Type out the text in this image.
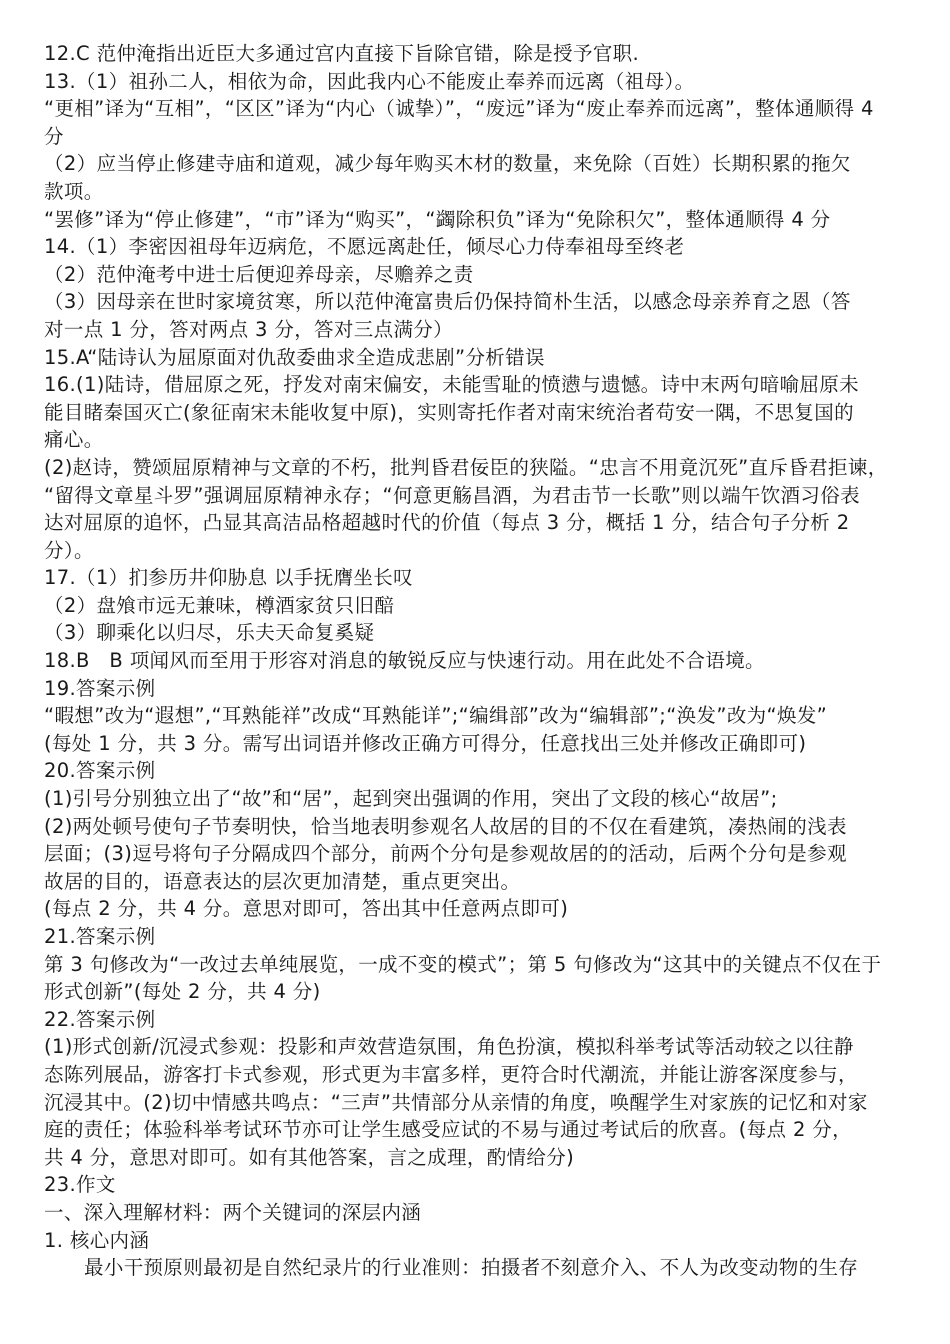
12.C 范仲淹指出近臣大多通过宫内直接下旨除官错，除是授予官职.
13.（1）祖孙二人，相依为命，因此我内心不能废止奉养而远离（祖母）。
“更相”译为“互相”，“区区”译为“内心（诚挚）”，“废远”译为“废止奉养而远离”，整体通顺得 4
分
（2）应当停止修建寺庙和道观，减少每年购买木材的数量，来免除（百姓）长期积累的拖欠
款项。
“罢修”译为“停止修建”，“市”译为“购买”，“蠲除积负”译为“免除积欠”，整体通顺得 4 分
14.（1）李密因祖母年迈病危，不愿远离赴任，倾尽心力侍奉祖母至终老
（2）范仲淹考中进士后便迎养母亲，尽赡养之责
（3）因母亲在世时家境贫寒，所以范仲淹富贵后仍保持简朴生活，以感念母亲养育之恩（答
对一点 1 分，答对两点 3 分，答对三点满分）
15.A“陆诗认为屈原面对仇敌委曲求全造成悲剧”分析错误
16.(1)陆诗，借屈原之死，抒发对南宋偏安，未能雪耻的愤懑与遗憾。诗中末两句暗喻屈原未
能目睹秦国灭亡(象征南宋未能收复中原)，实则寄托作者对南宋统治者苟安一隅，不思复国的
痛心。
(2)赵诗，赞颂屈原精神与文章的不朽，批判昏君佞臣的狭隘。“忠言不用竟沉死”直斥昏君拒谏，
“留得文章星斗罗”强调屈原精神永存；“何意更觞昌酒，为君击节一长歌”则以端午饮酒习俗表
达对屈原的追怀，凸显其高洁品格超越时代的价值（每点 3 分，概括 1 分，结合句子分析 2
分）。
17.（1）扪参历井仰胁息 以手抚膺坐长叹
（2）盘飧市远无兼味，樽酒家贫只旧醅
（3）聊乘化以归尽，乐夫天命复奚疑
18.B   B 项闻风而至用于形容对消息的敏锐反应与快速行动。用在此处不合语境。
19.答案示例
“暇想”改为“遐想”,“耳熟能祥”改成“耳熟能详”;“编缉部”改为“编辑部”;“涣发”改为“焕发”
(每处 1 分，共 3 分。需写出词语并修改正确方可得分，任意找出三处并修改正确即可)
20.答案示例
(1)引号分别独立出了“故”和“居”，起到突出强调的作用，突出了文段的核心“故居”;
(2)两处顿号使句子节奏明快，恰当地表明参观名人故居的目的不仅在看建筑，凑热闹的浅表
层面；(3)逗号将句子分隔成四个部分，前两个分句是参观故居的的活动，后两个分句是参观
故居的目的，语意表达的层次更加清楚，重点更突出。
(每点 2 分，共 4 分。意思对即可，答出其中任意两点即可)
21.答案示例
第 3 句修改为“一改过去单纯展览，一成不变的模式”；第 5 句修改为“这其中的关键点不仅在于
形式创新”(每处 2 分，共 4 分)
22.答案示例
(1)形式创新/沉浸式参观：投影和声效营造氛围，角色扮演，模拟科举考试等活动较之以往静
态陈列展品，游客打卡式参观，形式更为丰富多样，更符合时代潮流，并能让游客深度参与，
沉浸其中。(2)切中情感共鸣点：“三声”共情部分从亲情的角度，唤醒学生对家族的记忆和对家
庭的责任；体验科举考试环节亦可让学生感受应试的不易与通过考试后的欣喜。(每点 2 分，
共 4 分，意思对即可。如有其他答案，言之成理，酌情给分)
23.作文
一、深入理解材料：两个关键词的深层内涵
1. 核心内涵
最小干预原则最初是自然纪录片的行业准则：拍摄者不刻意介入、不人为改变动物的生存
